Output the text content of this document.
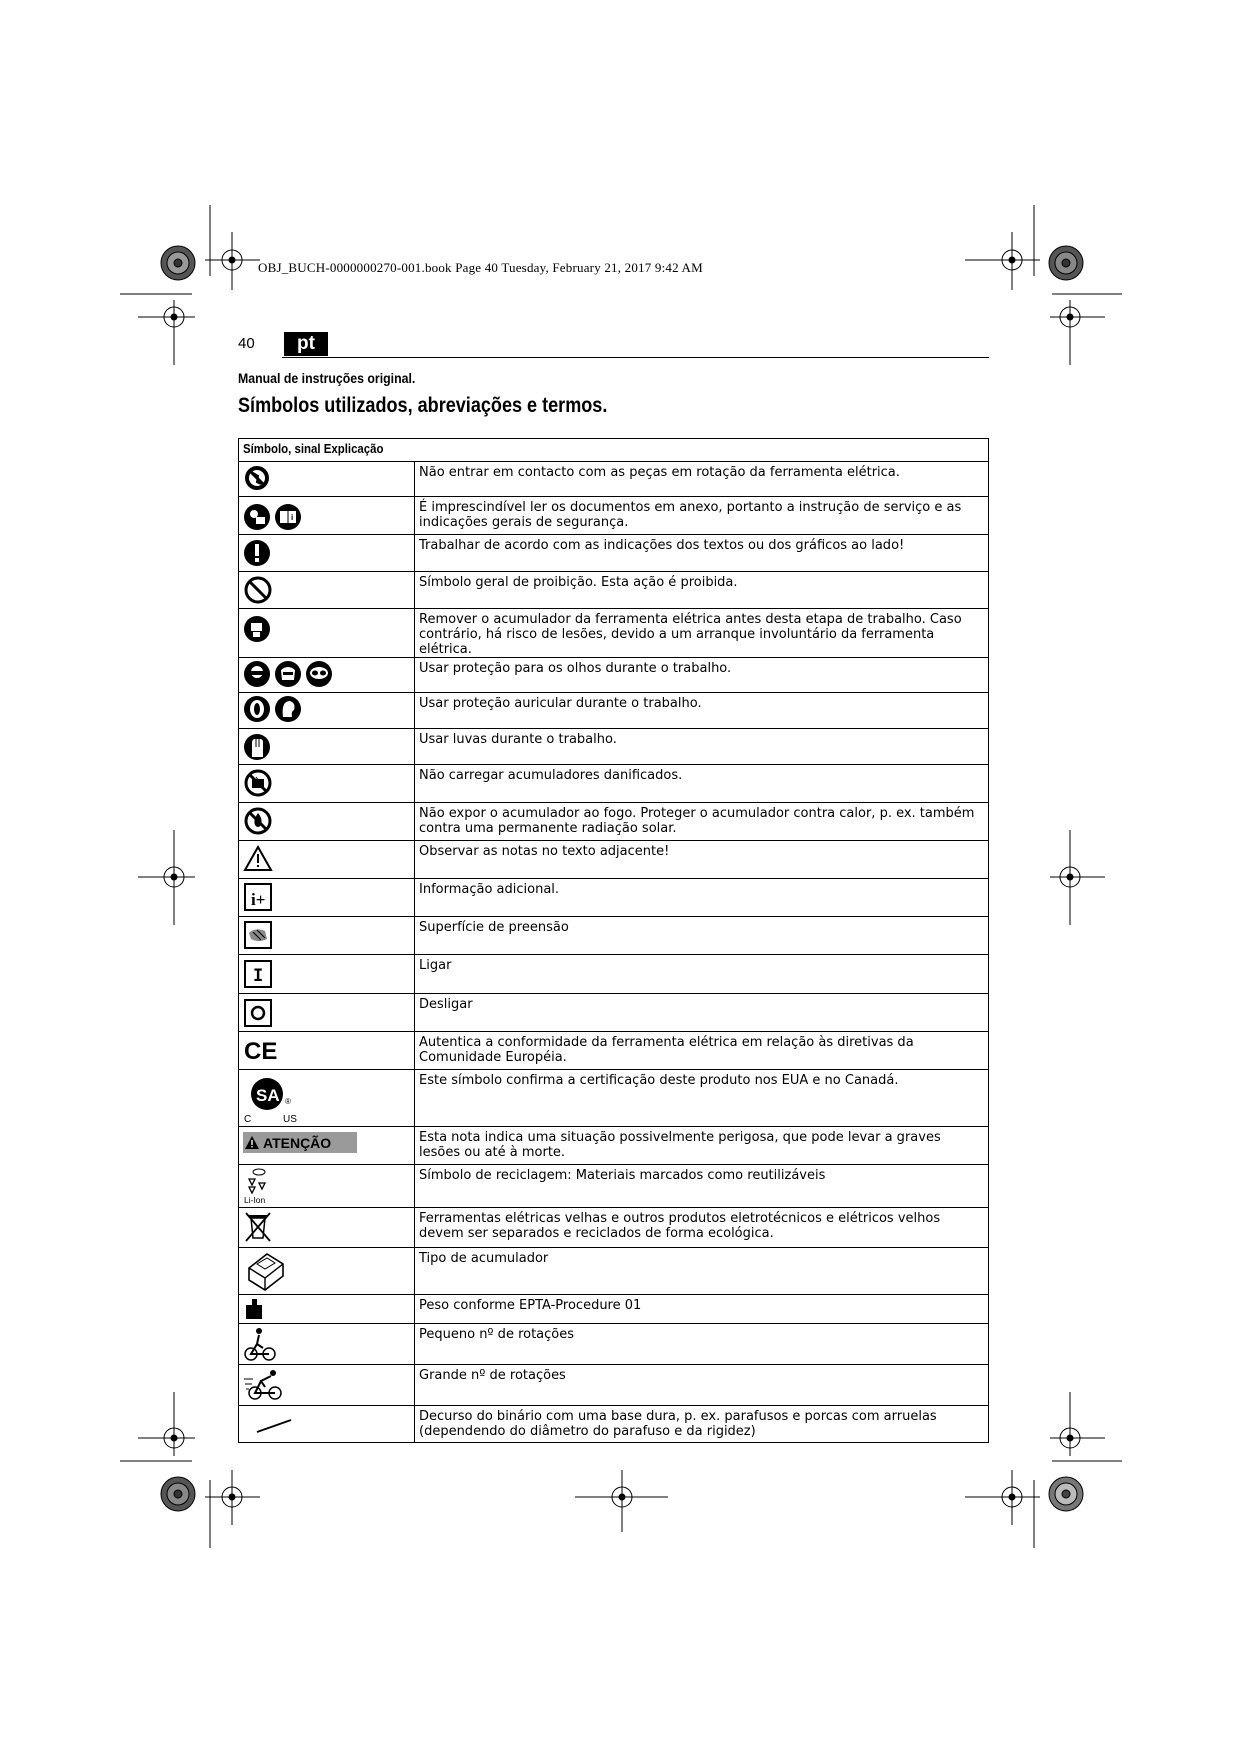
OBJ_BUCH-0000000270-001.book Page 40 Tuesday, February 21, 2017 9:42 AM
40	pt
Manual de instruções original.
Símbolos utilizados, abreviações e termos.
Símbolo, sinal Explicação	
	Não entrar em contacto com as peças em rotação da ferramenta elétrica.

i	É imprescindível ler os documentos em anexo, portanto a instrução de serviço e as indicações gerais de segurança.
	Trabalhar de acordo com as indicações dos textos ou dos gráficos ao lado!
	Símbolo geral de proibição. Esta ação é proibida.
	Remover o acumulador da ferramenta elétrica antes desta etapa de trabalho. Caso contrário, há risco de lesões, devido a um arranque involuntário da ferramenta elétrica.
	Usar proteção para os olhos durante o trabalho.
	Usar proteção auricular durante o trabalho.
	Usar luvas durante o trabalho.
	Não carregar acumuladores danificados.
	Não expor o acumulador ao fogo. Proteger o acumulador contra calor, p. ex. também contra uma permanente radiação solar.
	Observar as notas no texto adjacente!

i+	Informação adicional.
	Superfície de preensão

I	Ligar
	Desligar

CE	Autentica a conformidade da ferramenta elétrica em relação às diretivas da Comunidade Européia.

SA
C US
®	Este símbolo confirma a certificação deste produto nos EUA e no Canadá.

ATENÇÃO	Esta nota indica uma situação possivelmente perigosa, que pode levar a graves lesões ou até à morte.

Li-Ion	Símbolo de reciclagem: Materiais marcados como reutilizáveis
	Ferramentas elétricas velhas e outros produtos eletrotécnicos e elétricos velhos devem ser separados e reciclados de forma ecológica.
	Tipo de acumulador
	Peso conforme EPTA-Procedure 01
	Pequeno nº de rotações
	Grande nº de rotações
	Decurso do binário com uma base dura, p. ex. parafusos e porcas com arruelas (dependendo do diâmetro do parafuso e da rigidez)
